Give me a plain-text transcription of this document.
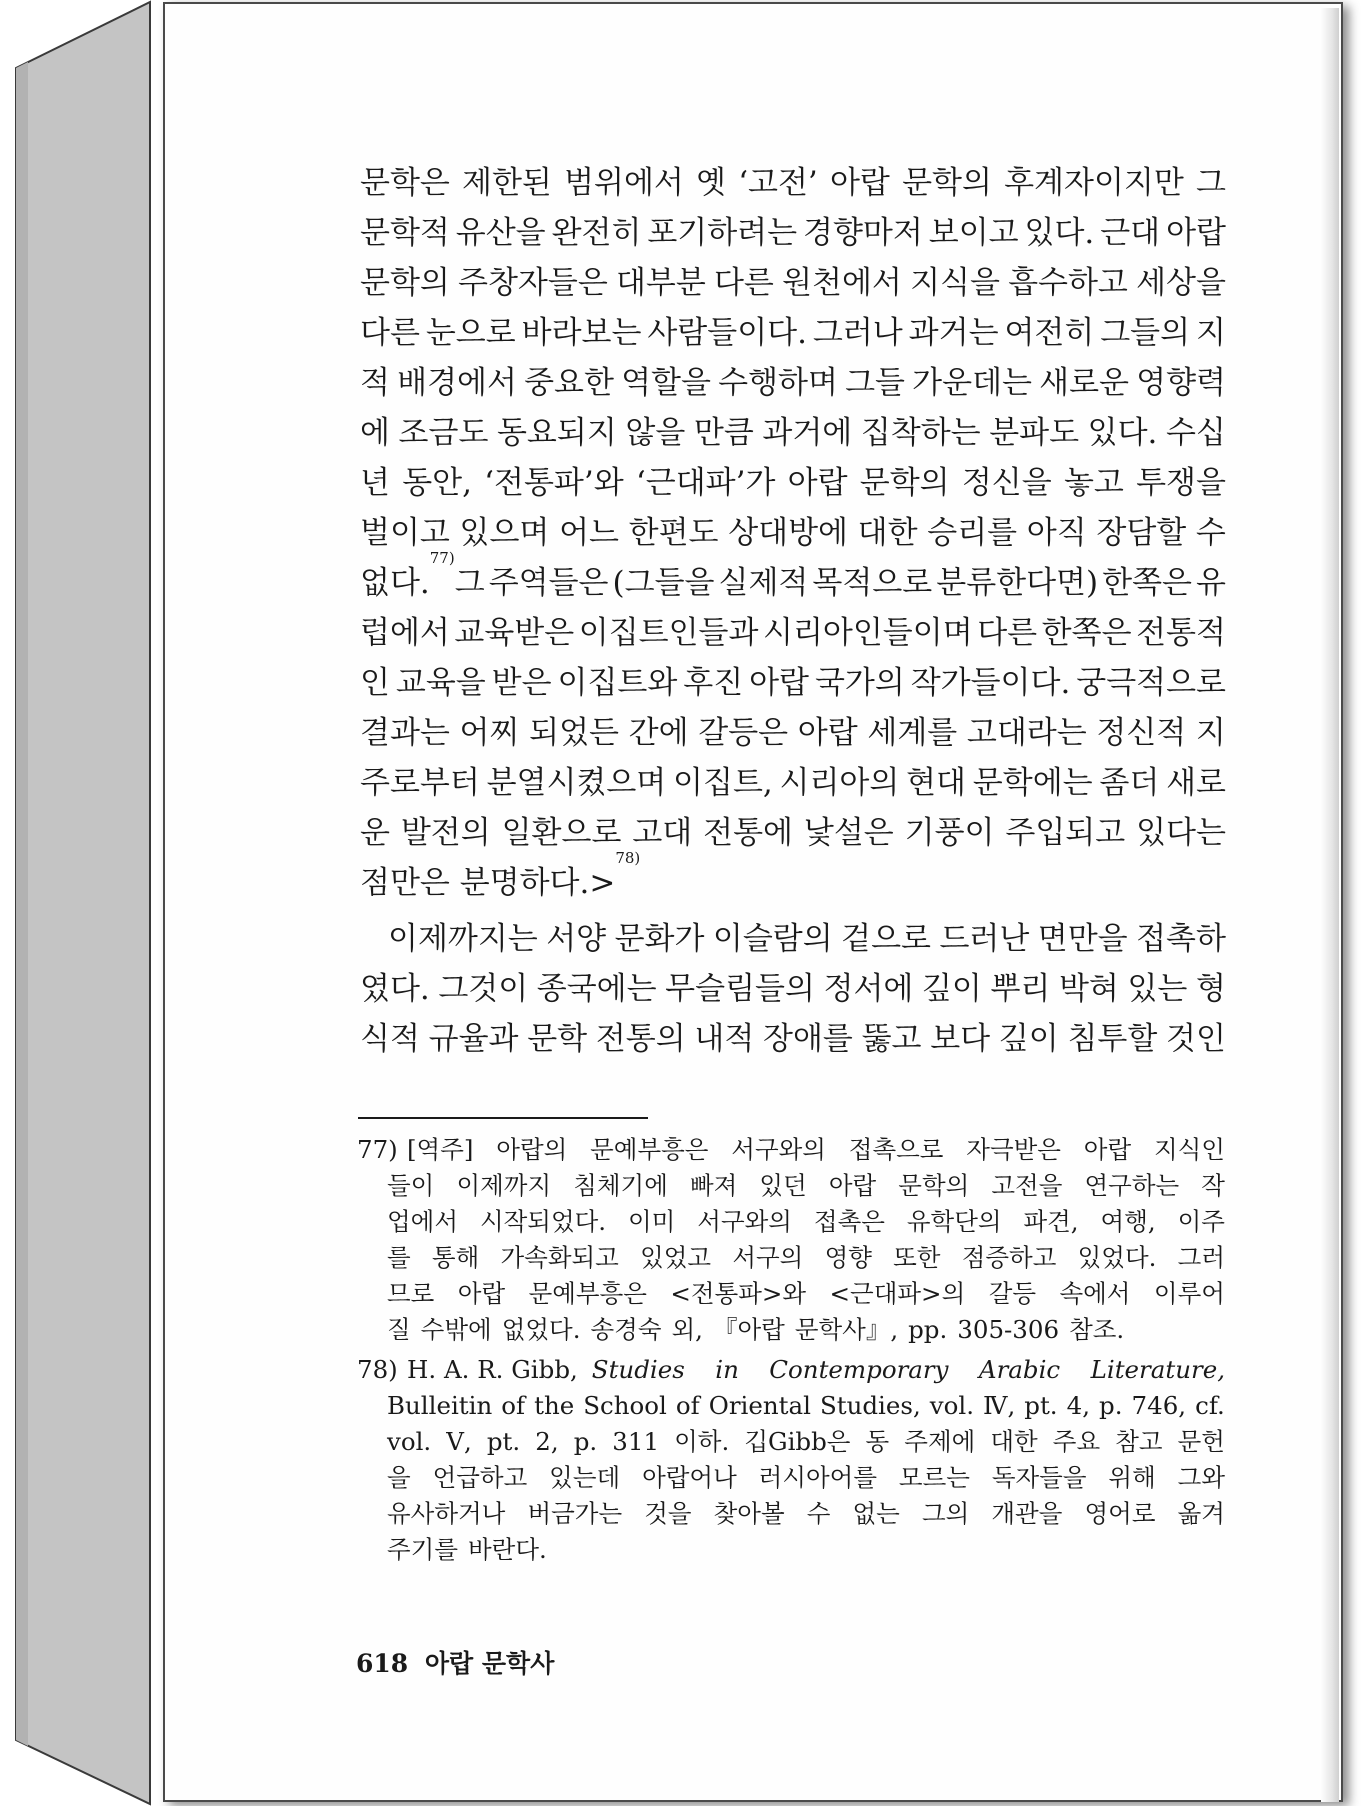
문학은 제한된 범위에서 옛 ‘고전’ 아랍 문학의 후계자이지만 그
문학적 유산을 완전히 포기하려는 경향마저 보이고 있다. 근대 아랍
문학의 주창자들은 대부분 다른 원천에서 지식을 흡수하고 세상을
다른 눈으로 바라보는 사람들이다. 그러나 과거는 여전히 그들의 지
적 배경에서 중요한 역할을 수행하며 그들 가운데는 새로운 영향력
에 조금도 동요되지 않을 만큼 과거에 집착하는 분파도 있다. 수십
년 동안, ‘전통파’와 ‘근대파’가 아랍 문학의 정신을 놓고 투쟁을
벌이고 있으며 어느 한편도 상대방에 대한 승리를 아직 장담할 수
없다.
77)
그 주역들은 (그들을 실제적 목적으로 분류한다면) 한쪽은 유
럽에서 교육받은 이집트인들과 시리아인들이며 다른 한쪽은 전통적
인 교육을 받은 이집트와 후진 아랍 국가의 작가들이다. 궁극적으로
결과는 어찌 되었든 간에 갈등은 아랍 세계를 고대라는 정신적 지
주로부터 분열시켰으며 이집트, 시리아의 현대 문학에는 좀더 새로
운 발전의 일환으로 고대 전통에 낯설은 기풍이 주입되고 있다는
점만은 분명하다.>
78)
이제까지는 서양 문화가 이슬람의 겉으로 드러난 면만을 접촉하
였다. 그것이 종국에는 무슬림들의 정서에 깊이 뿌리 박혀 있는 형
식적 규율과 문학 전통의 내적 장애를 뚫고 보다 깊이 침투할 것인
77) [역주] 아랍의 문예부흥은 서구와의 접촉으로 자극받은 아랍 지식인
들이 이제까지 침체기에 빠져 있던 아랍 문학의 고전을 연구하는 작
업에서 시작되었다. 이미 서구와의 접촉은 유학단의 파견, 여행, 이주
를 통해 가속화되고 있었고 서구의 영향 또한 점증하고 있었다. 그러
므로 아랍 문예부흥은 <전통파>와 <근대파>의 갈등 속에서 이루어
질 수밖에 없었다. 송경숙 외, 『아랍 문학사』, pp. 305-306 참조.
78) H. A. R. Gibb, Studies in Contemporary Arabic Literature,
Bulleitin of the School of Oriental Studies, vol. Ⅳ, pt. 4, p. 746, cf.
vol. Ⅴ, pt. 2, p. 311 이하. 깁Gibb은 동 주제에 대한 주요 참고 문헌
을 언급하고 있는데 아랍어나 러시아어를 모르는 독자들을 위해 그와
유사하거나 버금가는 것을 찾아볼 수 없는 그의 개관을 영어로 옮겨
주기를 바란다.
618 아랍 문학사
